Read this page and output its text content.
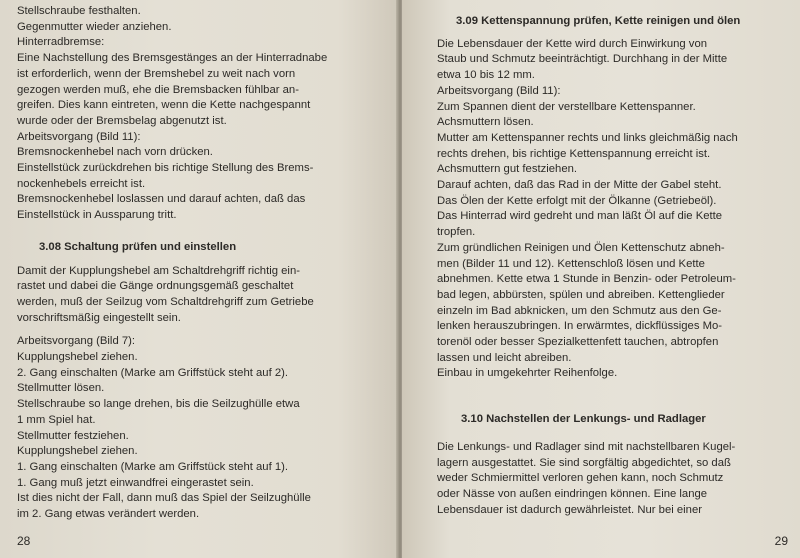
Stellschraube festhalten.
Gegenmutter wieder anziehen.
Hinterradbremse:
Eine Nachstellung des Bremsgestänges an der Hinterradnabe
ist erforderlich, wenn der Bremshebel zu weit nach vorn
gezogen werden muß, ehe die Bremsbacken fühlbar an-
greifen. Dies kann eintreten, wenn die Kette nachgespannt
wurde oder der Bremsbelag abgenutzt ist.
Arbeitsvorgang (Bild 11):
Bremsnockenhebel nach vorn drücken.
Einstellstück zurückdrehen bis richtige Stellung des Brems-
nockenhebels erreicht ist.
Bremsnockenhebel loslassen und darauf achten, daß das
Einstellstück in Aussparung tritt.
3.08 Schaltung prüfen und einstellen
Damit der Kupplungshebel am Schaltdrehgriff richtig ein-
rastet und dabei die Gänge ordnungsgemäß geschaltet
werden, muß der Seilzug vom Schaltdrehgriff zum Getriebe
vorschriftsmäßig eingestellt sein.
Arbeitsvorgang (Bild 7):
Kupplungshebel ziehen.
2. Gang einschalten (Marke am Griffstück steht auf 2).
Stellmutter lösen.
Stellschraube so lange drehen, bis die Seilzughülle etwa
1 mm Spiel hat.
Stellmutter festziehen.
Kupplungshebel ziehen.
1. Gang einschalten (Marke am Griffstück steht auf 1).
1. Gang muß jetzt einwandfrei eingerastet sein.
Ist dies nicht der Fall, dann muß das Spiel der Seilzughülle
im 2. Gang etwas verändert werden.
28
3.09 Kettenspannung prüfen, Kette reinigen und ölen
Die Lebensdauer der Kette wird durch Einwirkung von
Staub und Schmutz beeinträchtigt. Durchhang in der Mitte
etwa 10 bis 12 mm.
Arbeitsvorgang (Bild 11):
Zum Spannen dient der verstellbare Kettenspanner.
Achsmuttern lösen.
Mutter am Kettenspanner rechts und links gleichmäßig nach
rechts drehen, bis richtige Kettenspannung erreicht ist.
Achsmuttern gut festziehen.
Darauf achten, daß das Rad in der Mitte der Gabel steht.
Das Ölen der Kette erfolgt mit der Ölkanne (Getriebeöl).
Das Hinterrad wird gedreht und man läßt Öl auf die Kette
tropfen.
Zum gründlichen Reinigen und Ölen Kettenschutz abneh-
men (Bilder 11 und 12). Kettenschloß lösen und Kette
abnehmen. Kette etwa 1 Stunde in Benzin- oder Petroleum-
bad legen, abbürsten, spülen und abreiben. Kettenglieder
einzeln im Bad abknicken, um den Schmutz aus den Ge-
lenken herauszubringen. In erwärmtes, dickflüssiges Mo-
torenöl oder besser Spezialkettenfett tauchen, abtropfen
lassen und leicht abreiben.
Einbau in umgekehrter Reihenfolge.
3.10 Nachstellen der Lenkungs- und Radlager
Die Lenkungs- und Radlager sind mit nachstellbaren Kugel-
lagern ausgestattet. Sie sind sorgfältig abgedichtet, so daß
weder Schmiermittel verloren gehen kann, noch Schmutz
oder Nässe von außen eindringen können. Eine lange
Lebensdauer ist dadurch gewährleistet. Nur bei einer
29
